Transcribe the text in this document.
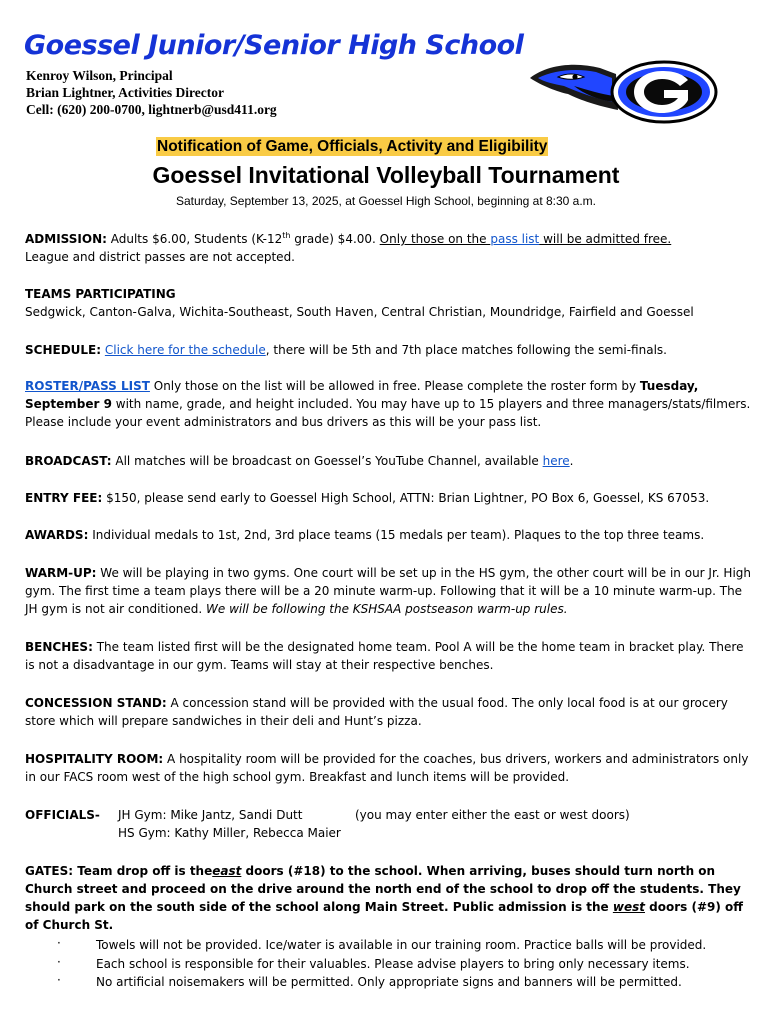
Goessel Junior/Senior High School
Kenroy Wilson, Principal
Brian Lightner, Activities Director
Cell: (620) 200-0700, lightnerb@usd411.org
G
Notification of Game, Officials, Activity and Eligibility
Goessel Invitational Volleyball Tournament
Saturday, September 13, 2025, at Goessel High School, beginning at 8:30 a.m.
ADMISSION: Adults $6.00, Students (K-12th grade) $4.00. Only those on the pass list will be admitted free.
League and district passes are not accepted.
TEAMS PARTICIPATING
Sedgwick, Canton-Galva, Wichita-Southeast, South Haven, Central Christian, Moundridge, Fairfield and Goessel
SCHEDULE: Click here for the schedule, there will be 5th and 7th place matches following the semi-finals.
ROSTER/PASS LIST Only those on the list will be allowed in free. Please complete the roster form by Tuesday, September 9 with name, grade, and height included. You may have up to 15 players and three managers/stats/filmers. Please include your event administrators and bus drivers as this will be your pass list.
BROADCAST: All matches will be broadcast on Goessel’s YouTube Channel, available here.
ENTRY FEE: $150, please send early to Goessel High School, ATTN: Brian Lightner, PO Box 6, Goessel, KS 67053.
AWARDS: Individual medals to 1st, 2nd, 3rd place teams (15 medals per team). Plaques to the top three teams.
WARM-UP: We will be playing in two gyms. One court will be set up in the HS gym, the other court will be in our Jr. High gym. The first time a team plays there will be a 20 minute warm-up. Following that it will be a 10 minute warm-up. The JH gym is not air conditioned. We will be following the KSHSAA postseason warm-up rules.
BENCHES: The team listed first will be the designated home team. Pool A will be the home team in bracket play. There is not a disadvantage in our gym. Teams will stay at their respective benches.
CONCESSION STAND: A concession stand will be provided with the usual food. The only local food is at our grocery store which will prepare sandwiches in their deli and Hunt’s pizza.
HOSPITALITY ROOM: A hospitality room will be provided for the coaches, bus drivers, workers and administrators only in our FACS room west of the high school gym. Breakfast and lunch items will be provided.
OFFICIALS- JH Gym: Mike Jantz, Sandi Dutt	(you may enter either the east or west doors)
HS Gym: Kathy Miller, Rebecca Maier
GATES: Team drop off is theeast doors (#18) to the school. When arriving, buses should turn north on Church street and proceed on the drive around the north end of the school to drop off the students. They should park on the south side of the school along Main Street. Public admission is the west doors (#9) off of Church St.
·	Towels will not be provided. Ice/water is available in our training room. Practice balls will be provided.
·	Each school is responsible for their valuables. Please advise players to bring only necessary items.
·	No artificial noisemakers will be permitted. Only appropriate signs and banners will be permitted.
